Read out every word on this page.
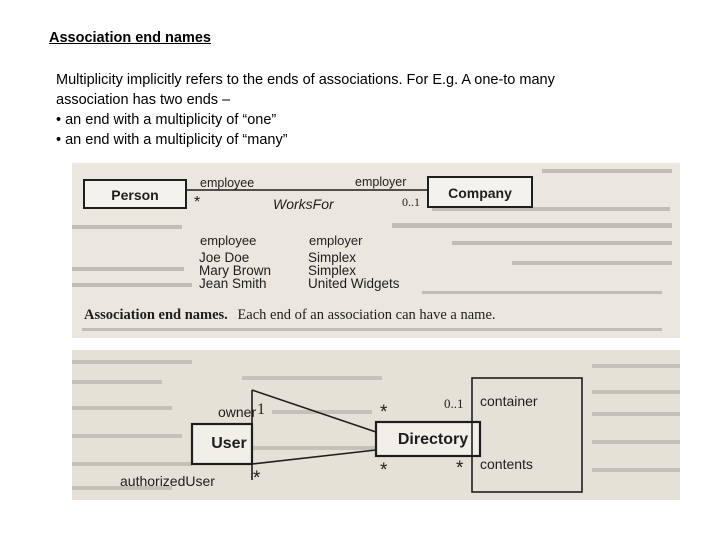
Association end names
Multiplicity implicitly refers to the ends of associations. For E.g. A one-to many
association has two ends –
• an end with a multiplicity of “one”
• an end with a multiplicity of “many”
Person	Company
employee	employer
*	WorksFor	0..1
employee	employer
Joe Doe	Simplex
Mary Brown	Simplex
Jean Smith	United Widgets
Association end names. Each end of an association can have a name.
User	Directory
owner 1	*
authorizedUser *	*
0..1 container
* contents
